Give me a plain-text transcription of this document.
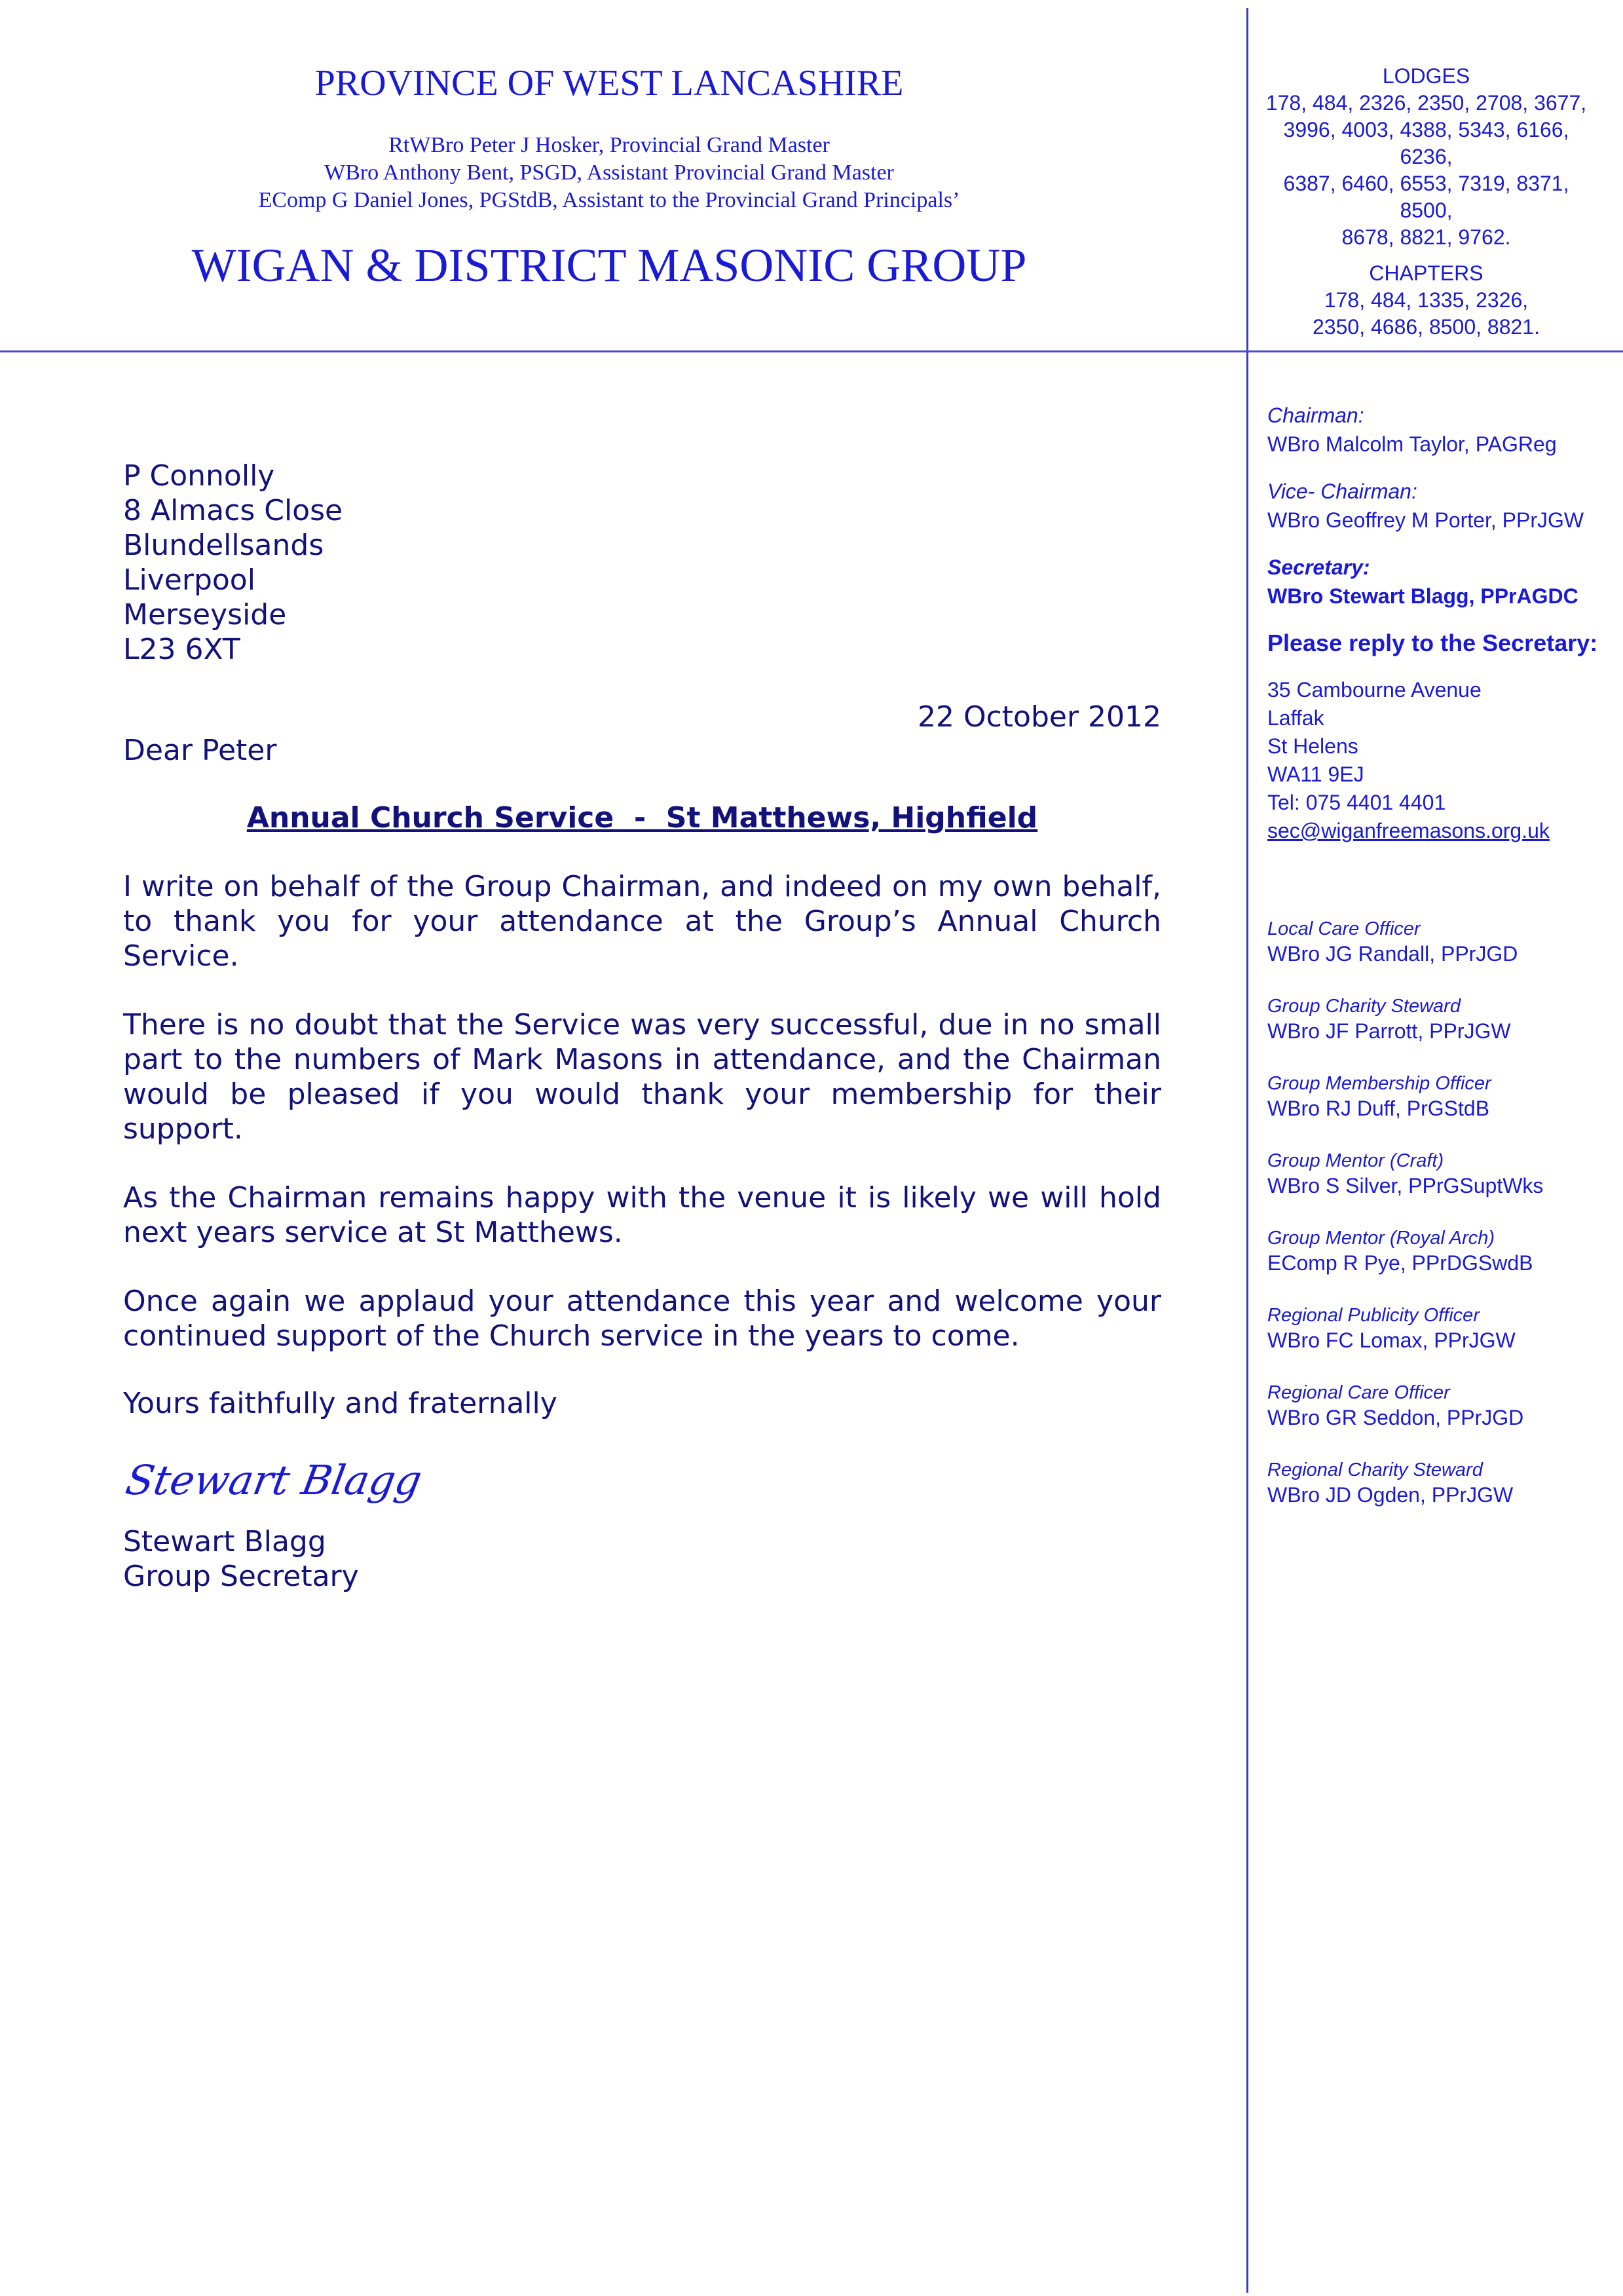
PROVINCE OF WEST LANCASHIRE
RtWBro Peter J Hosker, Provincial Grand Master
WBro Anthony Bent, PSGD, Assistant Provincial Grand Master
EComp G Daniel Jones, PGStdB, Assistant to the Provincial Grand Principals’
WIGAN & DISTRICT MASONIC GROUP
LODGES
178, 484, 2326, 2350, 2708, 3677,
3996, 4003, 4388, 5343, 6166, 6236,
6387, 6460, 6553, 7319, 8371, 8500,
8678, 8821, 9762.
CHAPTERS
178, 484, 1335, 2326,
2350, 4686, 8500, 8821.
Chairman:
WBro Malcolm Taylor, PAGReg
Vice- Chairman:
WBro Geoffrey M Porter, PPrJGW
Secretary:
WBro Stewart Blagg, PPrAGDC
Please reply to the Secretary:
35 Cambourne Avenue
Laffak
St Helens
WA11 9EJ
Tel: 075 4401 4401
sec@wiganfreemasons.org.uk
Local Care Officer
WBro JG Randall, PPrJGD
Group Charity Steward
WBro JF Parrott, PPrJGW
Group Membership Officer
WBro RJ Duff, PrGStdB
Group Mentor (Craft)
WBro S Silver, PPrGSuptWks
Group Mentor (Royal Arch)
EComp R Pye, PPrDGSwdB
Regional Publicity Officer
WBro FC Lomax, PPrJGW
Regional Care Officer
WBro GR Seddon, PPrJGD
Regional Charity Steward
WBro JD Ogden, PPrJGW
P Connolly
8 Almacs Close
Blundellsands
Liverpool
Merseyside
L23 6XT
22 October 2012
Dear Peter
Annual Church Service  -  St Matthews, Highfield
I write on behalf of the Group Chairman, and indeed on my own behalf, to thank you for your attendance at the Group’s Annual Church Service.
There is no doubt that the Service was very successful, due in no small part to the numbers of Mark Masons in attendance, and the Chairman would be pleased if you would thank your membership for their support.
As the Chairman remains happy with the venue it is likely we will hold next years service at St Matthews.
Once again we applaud your attendance this year and welcome your continued support of the Church service in the years to come.
Yours faithfully and fraternally
Stewart Blagg
Stewart Blagg
Group Secretary
